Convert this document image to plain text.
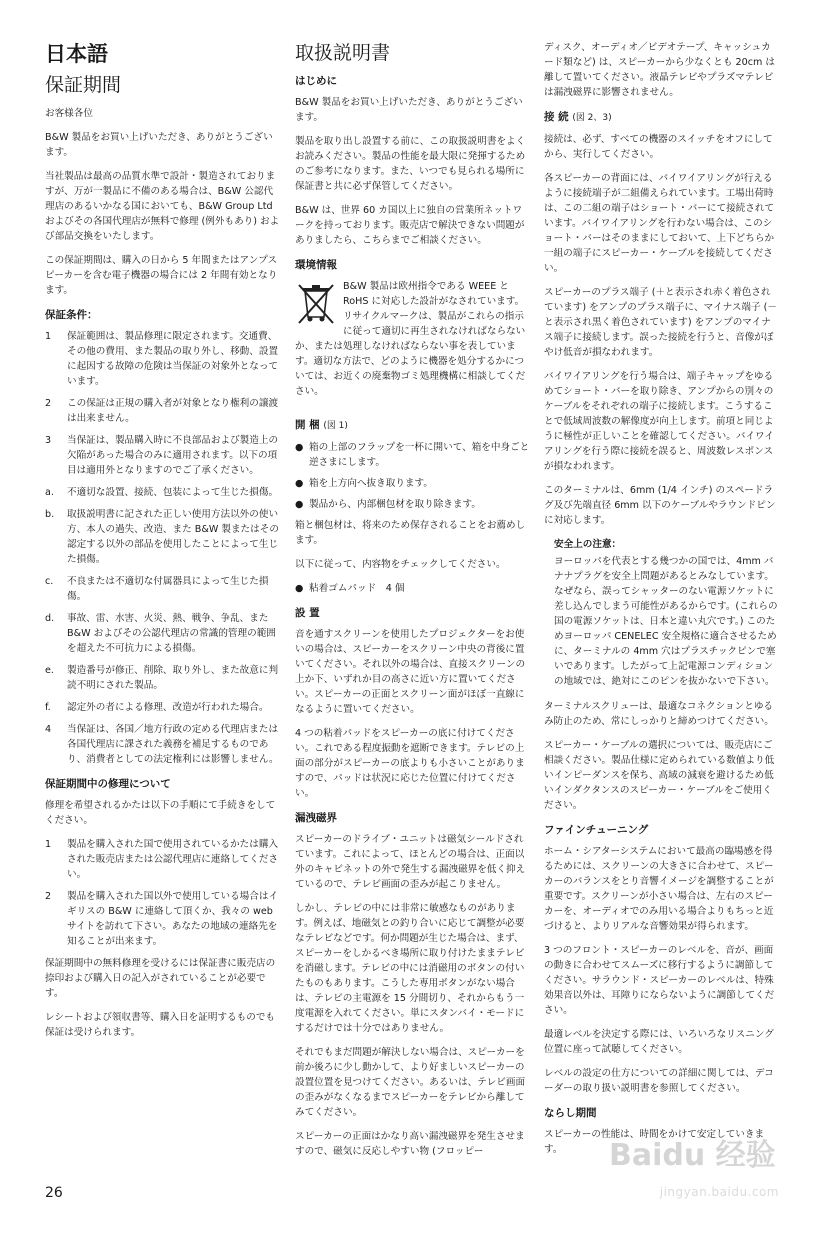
日本語
保証期間

お客様各位

B&W 製品をお買い上げいただき、ありがとうございます。

当社製品は最高の品質水準で設計・製造されておりますが、万が一製品に不備のある場合は、B&W 公認代理店のあるいかなる国においても、B&W Group Ltd およびその各国代理店が無料で修理 (例外もあり) および部品交換をいたします。

この保証期間は、購入の日から 5 年間またはアンプスピーカーを含む電子機器の場合には 2 年間有効となります。

保証条件：
1	保証範囲は、製品修理に限定されます。交通費、その他の費用、また製品の取り外し、移動、設置に起因する故障の危険は当保証の対象外となっています。
2	この保証は正規の購入者が対象となり権利の譲渡は出来ません。
3	当保証は、製品購入時に不良部品および製造上の欠陥があった場合のみに適用されます。以下の項目は適用外となりますのでご了承ください。
a.	不適切な設置、接続、包装によって生じた損傷。
b.	取扱説明書に記された正しい使用方法以外の使い方、本人の過失、改造、また B&W 製またはその認定する以外の部品を使用したことによって生じた損傷。
c.	不良または不適切な付属器具によって生じた損傷。
d.	事故、雷、水害、火災、熱、戦争、争乱、また B&W およびその公認代理店の常識的管理の範囲を超えた不可抗力による損傷。
e.	製造番号が修正、削除、取り外し、また故意に判読不明にされた製品。
f.	認定外の者による修理、改造が行われた場合。
4	当保証は、各国／地方行政の定める代理店または各国代理店に課された義務を補足するものであり、消費者としての法定権利には影響しません。
保証期間中の修理について

修理を希望されるかたは以下の手順にて手続きをしてください。

1	製品を購入された国で使用されているかたは購入された販売店または公認代理店に連絡してください。
2	製品を購入された国以外で使用している場合はイギリスの B&W に連絡して頂くか、我々の web サイトを訪れて下さい。あなたの地域の連絡先を知ることが出来ます。

保証期間中の無料修理を受けるには保証書に販売店の捺印および購入日の記入がされていることが必要です。

レシートおよび領収書等、購入日を証明するものでも保証は受けられます。

取扱説明書
はじめに

B&W 製品をお買い上げいただき、ありがとうございます。

製品を取り出し設置する前に、この取扱説明書をよくお読みください。製品の性能を最大限に発揮するためのご参考になります。また、いつでも見られる場所に保証書と共に必ず保管してください。

B&W は、世界 60 カ国以上に独自の営業所ネットワークを持っております。販売店で解決できない問題がありましたら、こちらまでご相談ください。

環境情報

B&W 製品は欧州指令である WEEE と RoHS に対応した設計がなされています。リサイクルマークは、製品がこれらの指示に従って適切に再生されなければならないか、または処理しなければならない事を表しています。適切な方法で、どのように機器を処分するかについては、お近くの廃棄物ゴミ処理機構に相談してください。

開 梱 (図 1)
● 箱の上部のフラップを一杯に開いて、箱を中身ごと逆さまにします。
● 箱を上方向へ抜き取ります。
● 製品から、内部梱包材を取り除きます。

箱と梱包材は、将来のため保存されることをお薦めします。

以下に従って、内容物をチェックしてください。

● 粘着ゴムパッド　4 個
設 置

音を通すスクリーンを使用したプロジェクターをお使いの場合は、スピーカーをスクリーン中央の背後に置いてください。それ以外の場合は、直接スクリーンの上か下、いずれか目の高さに近い方に置いてください。スピーカーの正面とスクリーン面がほぼ一直線になるように置いてください。

4 つの粘着パッドをスピーカーの底に付けてください。これである程度振動を遮断できます。テレビの上面の部分がスピーカーの底よりも小さいことがありますので、パッドは状況に応じた位置に付けてください。

漏洩磁界

スピーカーのドライブ・ユニットは磁気シールドされています。これによって、ほとんどの場合は、正面以外のキャビネットの外で発生する漏洩磁界を低く抑えているので、テレビ画面の歪みが起こりません。

しかし、テレビの中には非常に敏感なものがあります。例えば、地磁気との釣り合いに応じて調整が必要なテレビなどです。何か問題が生じた場合は、まず、スピーカーをしかるべき場所に取り付けたままテレビを消磁します。テレビの中には消磁用のボタンの付いたものもあります。こうした専用ボタンがない場合は、テレビの主電源を 15 分間切り、それからもう一度電源を入れてください。単にスタンバイ・モードにするだけでは十分ではありません。

それでもまだ問題が解決しない場合は、スピーカーを前か後ろに少し動かして、より好ましいスピーカーの設置位置を見つけてください。あるいは、テレビ画面の歪みがなくなるまでスピーカーをテレビから離してみてください。

スピーカーの正面はかなり高い漏洩磁界を発生させますので、磁気に反応しやすい物 (フロッピー

ディスク、オーディオ／ビデオテープ、キャッシュカード類など) は、スピーカーから少なくとも 20cm は離して置いてください。液晶テレビやプラズマテレビは漏洩磁界に影響されません。

接 続 (図 2、3)

接続は、必ず、すべての機器のスイッチをオフにしてから、実行してください。

各スピーカーの背面には、バイワイアリングが行えるように接続端子が二組備えられています。工場出荷時は、この二組の端子はショート・バーにて接続されています。バイワイアリングを行わない場合は、このショート・バーはそのままにしておいて、上下どちらか一組の端子にスピーカー・ケーブルを接続してください。

スピーカーのプラス端子 (＋と表示され赤く着色されています) をアンプのプラス端子に、マイナス端子 (－と表示され黒く着色されています) をアンプのマイナス端子に接続します。誤った接続を行うと、音像がぼやけ低音が損なわれます。

バイワイアリングを行う場合は、端子キャップをゆるめてショート・バーを取り除き、アンプからの別々のケーブルをそれぞれの端子に接続します。こうすることで低域周波数の解像度が向上します。前項と同じように極性が正しいことを確認してください。バイワイアリングを行う際に接続を誤ると、周波数レスポンスが損なわれます。

このターミナルは、6mm (1/4 インチ) のスペードラグ及び先端直径 6mm 以下のケーブルやラウンドピンに対応します。

安全上の注意：
ヨーロッパを代表とする幾つかの国では、4mm バナナプラグを安全上問題があるとみなしています。なぜなら、誤ってシャッターのない電源ソケットに差し込んでしまう可能性があるからです。(これらの国の電源ソケットは、日本と違い丸穴です。) このためヨーロッパ CENELEC 安全規格に適合させるために、ターミナルの 4mm 穴はプラスチックピンで塞いであります。したがって上記電源コンディションの地域では、絶対にこのピンを抜かないで下さい。

ターミナルスクリューは、最適なコネクションとゆるみ防止のため、常にしっかりと締めつけてください。

スピーカー・ケーブルの選択については、販売店にご相談ください。製品仕様に定められている数値より低いインピーダンスを保ち、高域の減衰を避けるため低いインダクタンスのスピーカー・ケーブルをご使用ください。

ファインチューニング

ホーム・シアターシステムにおいて最高の臨場感を得るためには、スクリーンの大きさに合わせて、スピーカーのバランスをとり音響イメージを調整することが重要です。スクリーンが小さい場合は、左右のスピーカーを、オーディオでのみ用いる場合よりもちっと近づけると、よりリアルな音響効果が得られます。

3 つのフロント・スピーカーのレベルを、音が、画面の動きに合わせてスムーズに移行するように調節してください。サラウンド・スピーカーのレベルは、特殊効果音以外は、耳障りにならないように調節してください。

最適レベルを決定する際には、いろいろなリスニング位置に座って試聴してください。

レベルの設定の仕方についての詳細に関しては、デコーダーの取り扱い説明書を参照してください。

ならし期間

スピーカーの性能は、時間をかけて安定していきます。

26
Baidu 经验
jingyan.baidu.com
